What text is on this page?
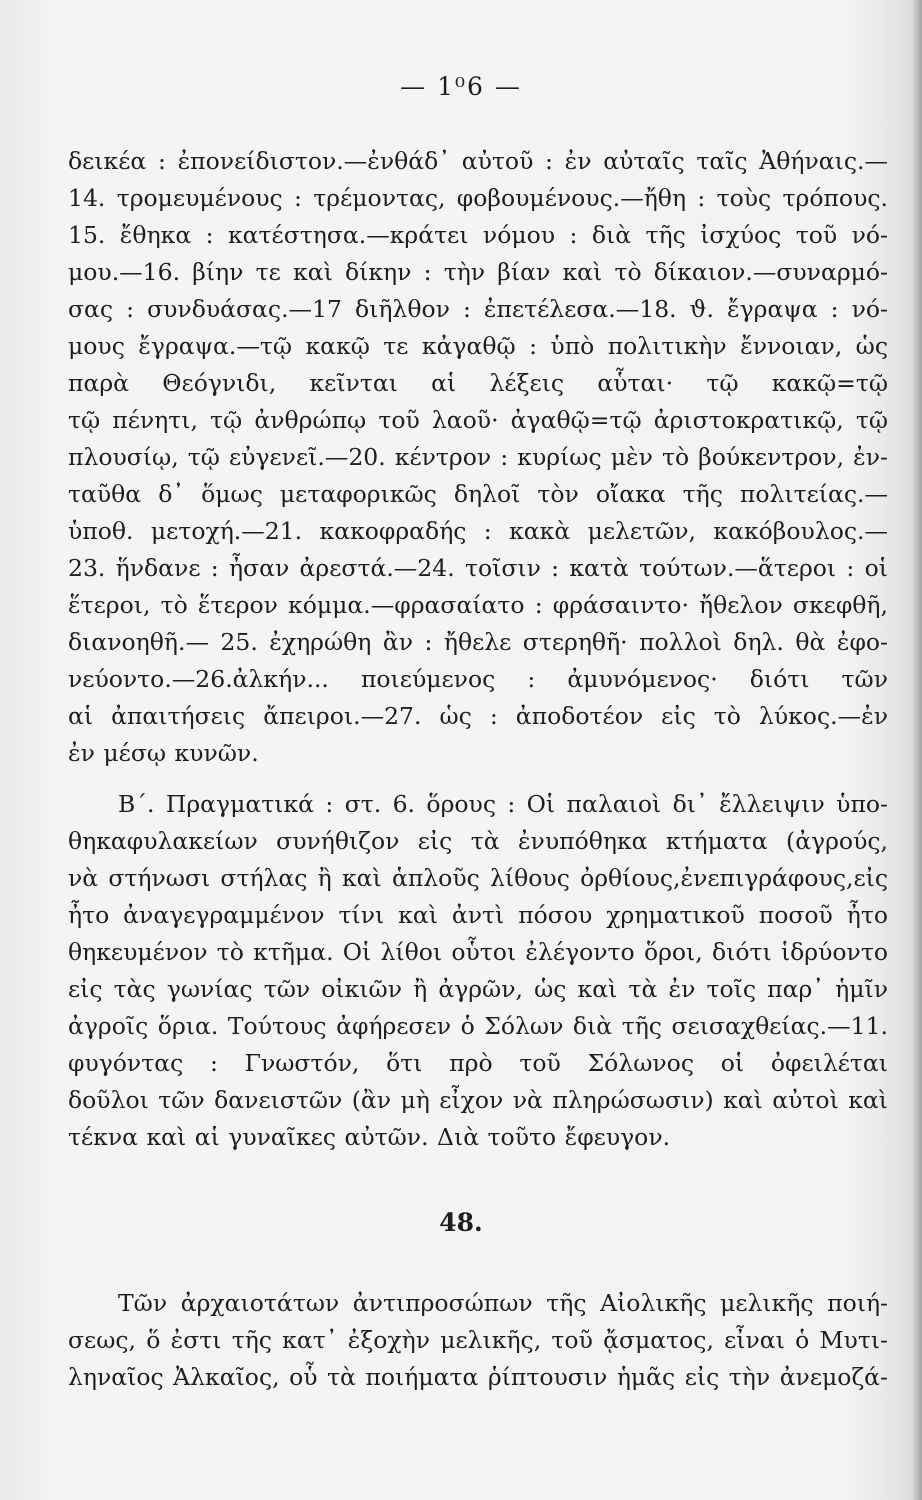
— 1⁰6 —
δεικέα : ἐπονείδιστον.—ἐνθάδ᾽ αὐτοῦ : ἐν αὐταῖς ταῖς Ἀθήναις.—
14. τρομευμένους : τρέμοντας, φοβουμένους.—ἤθη : τοὺς τρόπους.
15. ἔθηκα : κατέστησα.—κράτει νόμου : διὰ τῆς ἰσχύος τοῦ νό-
μου.—16. βίην τε καὶ δίκην : τὴν βίαν καὶ τὸ δίκαιον.—συναρμό-
σας : συνδυάσας.—17 διῆλθον : ἐπετέλεσα.—18. ϑ. ἔγραψα : νό-
μους ἔγραψα.—τῷ κακῷ τε κἀγαθῷ : ὑπὸ πολιτικὴν ἔννοιαν, ὡς
παρὰ Θεόγνιδι, κεῖνται αἱ λέξεις αὗται· τῷ κακῷ=τῷ
τῷ πένητι, τῷ ἀνθρώπῳ τοῦ λαοῦ· ἀγαθῷ=τῷ ἀριστοκρατικῷ, τῷ
πλουσίῳ, τῷ εὐγενεῖ.—20. κέντρον : κυρίως μὲν τὸ βούκεντρον, ἐν-
ταῦθα δ᾽ ὅμως μεταφορικῶς δηλοῖ τὸν οἴακα τῆς πολιτείας.—
ὑποθ. μετοχή.—21. κακοφραδής : κακὰ μελετῶν, κακόβουλος.—
23. ἥνδανε : ἦσαν ἀρεστά.—24. τοῖσιν : κατὰ τούτων.—ἅτεροι : οἱ
ἕτεροι, τὸ ἕτερον κόμμα.—φρασαίατο : φράσαιντο· ἤθελον σκεφθῆ,
διανοηθῆ.— 25. ἐχηρώθη ἂν : ἤθελε στερηθῆ· πολλοὶ δηλ. θὰ ἐφο-
νεύοντο.—26.ἀλκήν... ποιεύμενος : ἀμυνόμενος· διότι τῶν
αἱ ἀπαιτήσεις ἄπειροι.—27. ὡς : ἀποδοτέον εἰς τὸ λύκος.—ἐν
ἐν μέσῳ κυνῶν.
Β΄. Πραγματικά : στ. 6. ὅρους : Οἱ παλαιοὶ δι᾽ ἔλλειψιν ὑπο-
θηκαφυλακείων συνήθιζον εἰς τὰ ἐνυπόθηκα κτήματα (ἀγρούς,
νὰ στήνωσι στήλας ἢ καὶ ἁπλοῦς λίθους ὀρθίους,ἐνεπιγράφους,εἰς
ἦτο ἀναγεγραμμένον τίνι καὶ ἀντὶ πόσου χρηματικοῦ ποσοῦ ἦτο
θηκευμένον τὸ κτῆμα. Οἱ λίθοι οὗτοι ἐλέγοντο ὅροι, διότι ἱδρύοντο
εἰς τὰς γωνίας τῶν οἰκιῶν ἢ ἀγρῶν, ὡς καὶ τὰ ἐν τοῖς παρ᾽ ἡμῖν
ἀγροῖς ὅρια. Τούτους ἀφήρεσεν ὁ Σόλων διὰ τῆς σεισαχθείας.—11.
φυγόντας : Γνωστόν, ὅτι πρὸ τοῦ Σόλωνος οἱ ὀφειλέται
δοῦλοι τῶν δανειστῶν (ἂν μὴ εἶχον νὰ πληρώσωσιν) καὶ αὐτοὶ καὶ
τέκνα καὶ αἱ γυναῖκες αὐτῶν. Διὰ τοῦτο ἔφευγον.
48.
Τῶν ἀρχαιοτάτων ἀντιπροσώπων τῆς Αἰολικῆς μελικῆς ποιή-
σεως, ὅ ἐστι τῆς κατ᾽ ἐξοχὴν μελικῆς, τοῦ ᾄσματος, εἶναι ὁ Μυτι-
ληναῖος Ἀλκαῖος, οὗ τὰ ποιήματα ῥίπτουσιν ἡμᾶς εἰς τὴν ἀνεμοζά-
